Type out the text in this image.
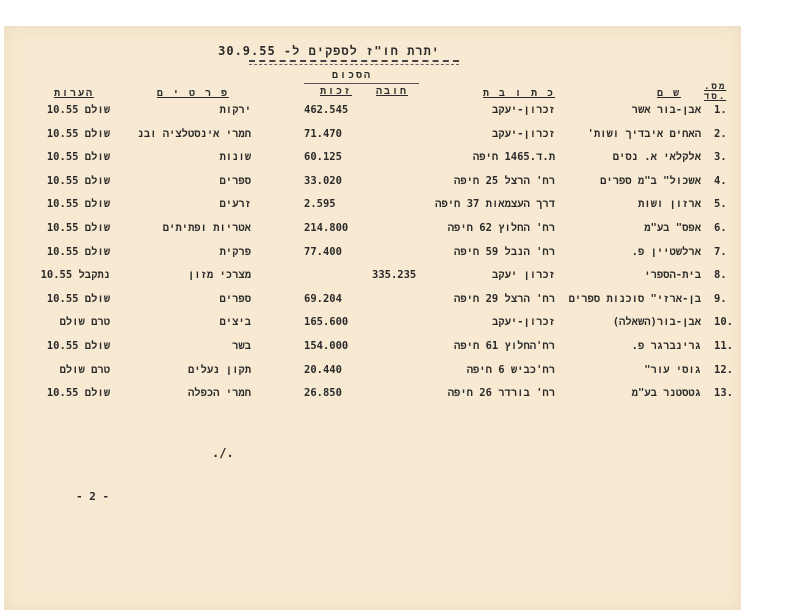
יתרת חו"ז לספקים ל- 30.9.55
מס. סד.
ש ם
כ ת ו ב ת
הסכום
חובה
זכות
פ ר ט י ם
הערות
1.
אבן-בור אשר
זכרון-יעקב
462.545
ירקות
שולם 10.55
2.
האחים איבדיך ושות'
זכרון-יעקב
71.470
חמרי אינסטלציה ובנ
שולם 10.55
3.
אלקלאי א. נסים
ת.ד.1465 חיפה
60.125
שונות
שולם 10.55
4.
אשכול" ב"מ ספרים
רח' הרצל 25 חיפה
33.020
ספרים
שולם 10.55
5.
ארזון ושות
דרך העצמאות 37 חיפה
2.595
זרעים
שולם 10.55
6.
אפס" בע"מ
רח' החלוץ 62 חיפה
214.800
אטריות ופתיתים
שולם 10.55
7.
ארלשטיין פ.
רח' הנבל 59 חיפה
77.400
פרקית
שולם 10.55
8.
בית-הספרי
זכרון יעקב
335.235
מצרכי מזון
נתקבל 10.55
9.
בן-ארזי" סוכנות ספרים
רח' הרצל 29 חיפה
69.204
ספרים
שולם 10.55
10.
אבן-בור(השאלה)
זכרון-יעקב
165.600
ביצים
טרם שולם
11.
גרינברגר פ.
רח'החלוץ 61 חיפה
154.000
בשר
שולם 10.55
12.
גוסי עור"
רח'כביש 6 חיפה
20.440
תקון נעלים
טרם שולם
13.
גטסטנר בע"מ
רח' בורדר 26 חיפה
26.850
חמרי הכפלה
שולם 10.55
./.
- 2 -
